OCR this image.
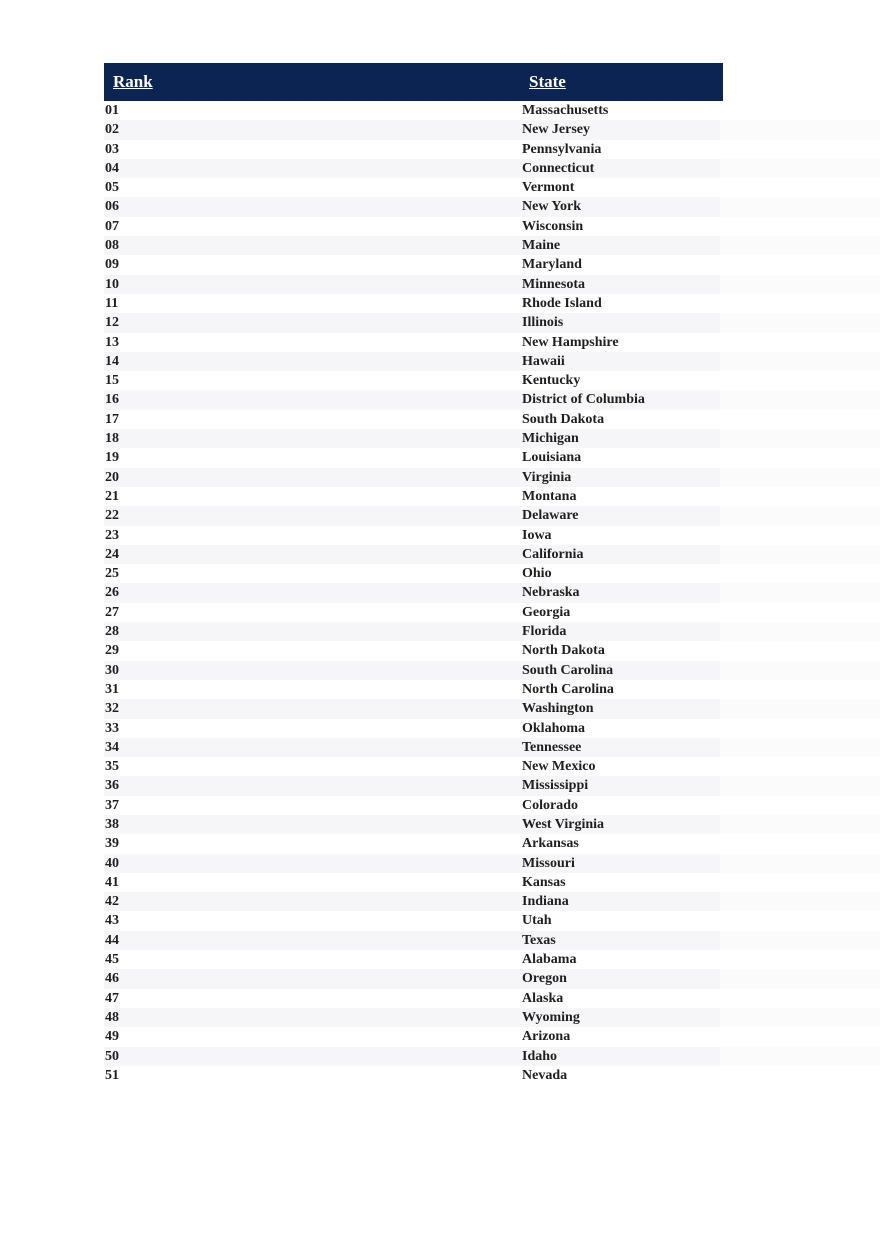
Rank	State
01	Massachusetts
02	New Jersey
03	Pennsylvania
04	Connecticut
05	Vermont
06	New York
07	Wisconsin
08	Maine
09	Maryland
10	Minnesota
11	Rhode Island
12	Illinois
13	New Hampshire
14	Hawaii
15	Kentucky
16	District of Columbia
17	South Dakota
18	Michigan
19	Louisiana
20	Virginia
21	Montana
22	Delaware
23	Iowa
24	California
25	Ohio
26	Nebraska
27	Georgia
28	Florida
29	North Dakota
30	South Carolina
31	North Carolina
32	Washington
33	Oklahoma
34	Tennessee
35	New Mexico
36	Mississippi
37	Colorado
38	West Virginia
39	Arkansas
40	Missouri
41	Kansas
42	Indiana
43	Utah
44	Texas
45	Alabama
46	Oregon
47	Alaska
48	Wyoming
49	Arizona
50	Idaho
51	Nevada
